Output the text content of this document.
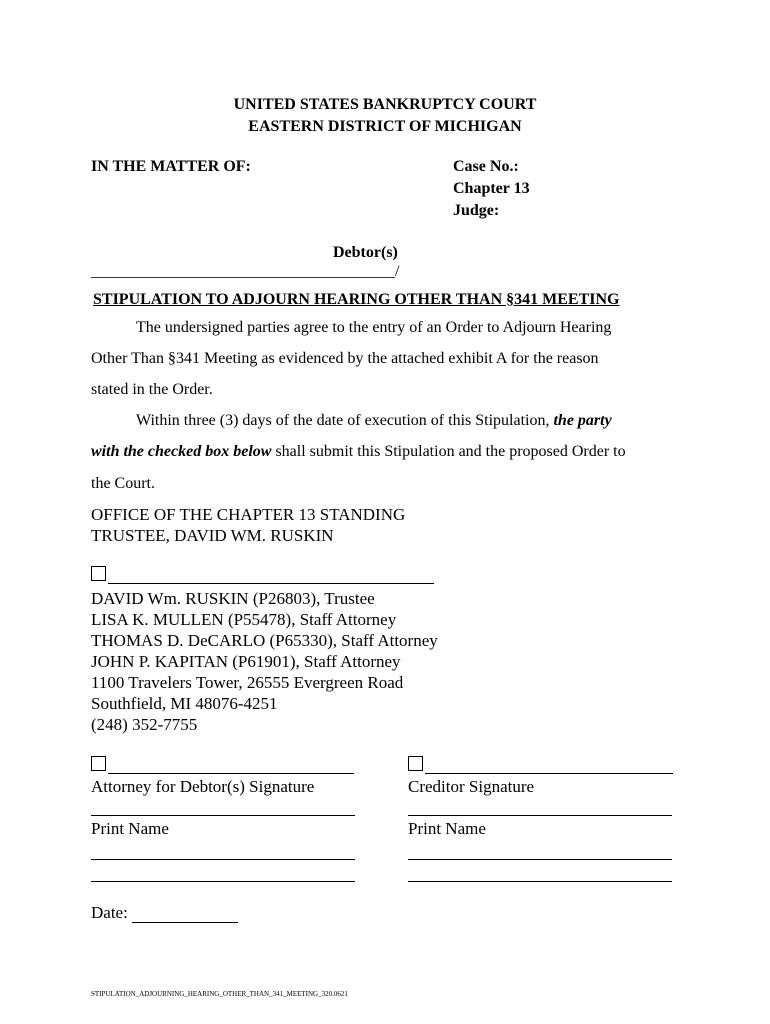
UNITED STATES BANKRUPTCY COURT
EASTERN DISTRICT OF MICHIGAN
IN THE MATTER OF:	Case No.:
Chapter 13
Judge:
Debtor(s)
______________________________________/
STIPULATION TO ADJOURN HEARING OTHER THAN §341 MEETING
The undersigned parties agree to the entry of an Order to Adjourn Hearing
Other Than §341 Meeting as evidenced by the attached exhibit A for the reason
stated in the Order.
Within three (3) days of the date of execution of this Stipulation, the party
with the checked box below shall submit this Stipulation and the proposed Order to
the Court.
OFFICE OF THE CHAPTER 13 STANDING
TRUSTEE, DAVID WM. RUSKIN
DAVID Wm. RUSKIN (P26803), Trustee
LISA K. MULLEN (P55478), Staff Attorney
THOMAS D. DeCARLO (P65330), Staff Attorney
JOHN P. KAPITAN (P61901), Staff Attorney
1100 Travelers Tower, 26555 Evergreen Road
Southfield, MI 48076-4251
(248) 352-7755
Attorney for Debtor(s) Signature
Print Name
Creditor Signature
Print Name
Date:
STIPULATION_ADJOURNING_HEARING_OTHER_THAN_341_MEETING_320.0621
